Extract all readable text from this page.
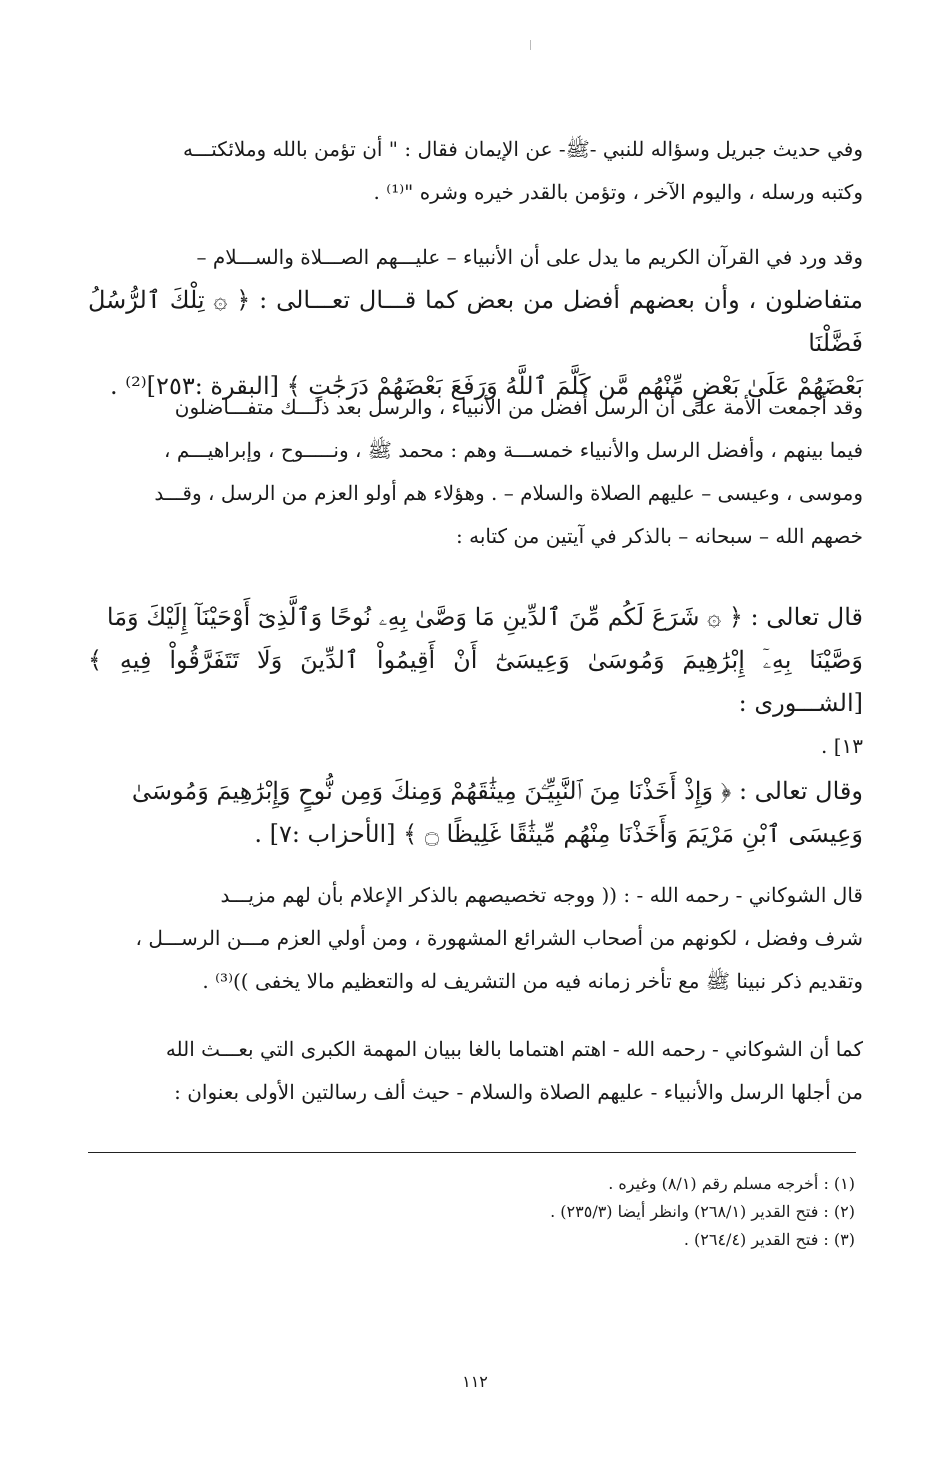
وفي حديث جبريل وسؤاله للنبي -ﷺ- عن الإيمان فقال : " أن تؤمن بالله وملائكتـــه

وكتبه ورسله ، واليوم الآخر ، وتؤمن بالقدر خيره وشره "⁽¹⁾ .

وقد ورد في القرآن الكريم ما يدل على أن الأنبياء – عليـــهم الصـــلاة والســـلام –

متفاضلون ، وأن بعضهم أفضل من بعض كما قـــال تعـــالى : ﴿ ۞ تِلْكَ ٱلرُّسُلُ فَضَّلْنَا

بَعْضَهُمْ عَلَىٰ بَعْضٍ مِّنْهُم مَّن كَلَّمَ ٱللَّهُ وَرَفَعَ بَعْضَهُمْ دَرَجَٰتٍ ﴾ [البقرة :٢٥٣]⁽²⁾ .

وقد أجمعت الأمة على أن الرسل أفضل من الأنبياء ، والرسل بعد ذلـــك متفـــاضلون

فيما بينهم ، وأفضل الرسل والأنبياء خمســـة وهم : محمد ﷺ ، ونـــــوح ، وإبراهيـــم ،

وموسى ، وعيسى – عليهم الصلاة والسلام – . وهؤلاء هم أولو العزم من الرسل ، وقـــد

خصهم الله – سبحانه – بالذكر في آيتين من كتابه :

قال تعالى : ﴿ ۞ شَرَعَ لَكُم مِّنَ ٱلدِّينِ مَا وَصَّىٰ بِهِۦ نُوحًا وَٱلَّذِىٓ أَوْحَيْنَآ إِلَيْكَ وَمَا

وَصَّيْنَا بِهِۦٓ إِبْرَٰهِيمَ وَمُوسَىٰ وَعِيسَىٰٓ أَنْ أَقِيمُواْ ٱلدِّينَ وَلَا تَتَفَرَّقُواْ فِيهِ ﴾ [الشـــورى :

١٣] .

وقال تعالى : ﴿ وَإِذْ أَخَذْنَا مِنَ ٱلنَّبِيِّـۧنَ مِيثَٰقَهُمْ وَمِنكَ وَمِن نُّوحٍ وَإِبْرَٰهِيمَ وَمُوسَىٰ

وَعِيسَى ٱبْنِ مَرْيَمَ وَأَخَذْنَا مِنْهُم مِّيثَٰقًا غَلِيظًا ۝ ﴾ [الأحزاب :٧] .

قال الشوكاني - رحمه الله - : (( ووجه تخصيصهم بالذكر الإعلام بأن لهم مزيـــد

شرف وفضل ، لكونهم من أصحاب الشرائع المشهورة ، ومن أولي العزم مـــن الرســـل ،

وتقديم ذكر نبينا ﷺ مع تأخر زمانه فيه من التشريف له والتعظيم مالا يخفى ))⁽³⁾ .

كما أن الشوكاني - رحمه الله - اهتم اهتماما بالغا ببيان المهمة الكبرى التي بعـــث الله

من أجلها الرسل والأنبياء - عليهم الصلاة والسلام - حيث ألف رسالتين الأولى بعنوان :

(١) : أخرجه مسلم رقم (٨/١) وغيره .

(٢) : فتح القدير (٢٦٨/١) وانظر أيضا (٢٣٥/٣) .

(٣) : فتح القدير (٢٦٤/٤) .

١١٢
